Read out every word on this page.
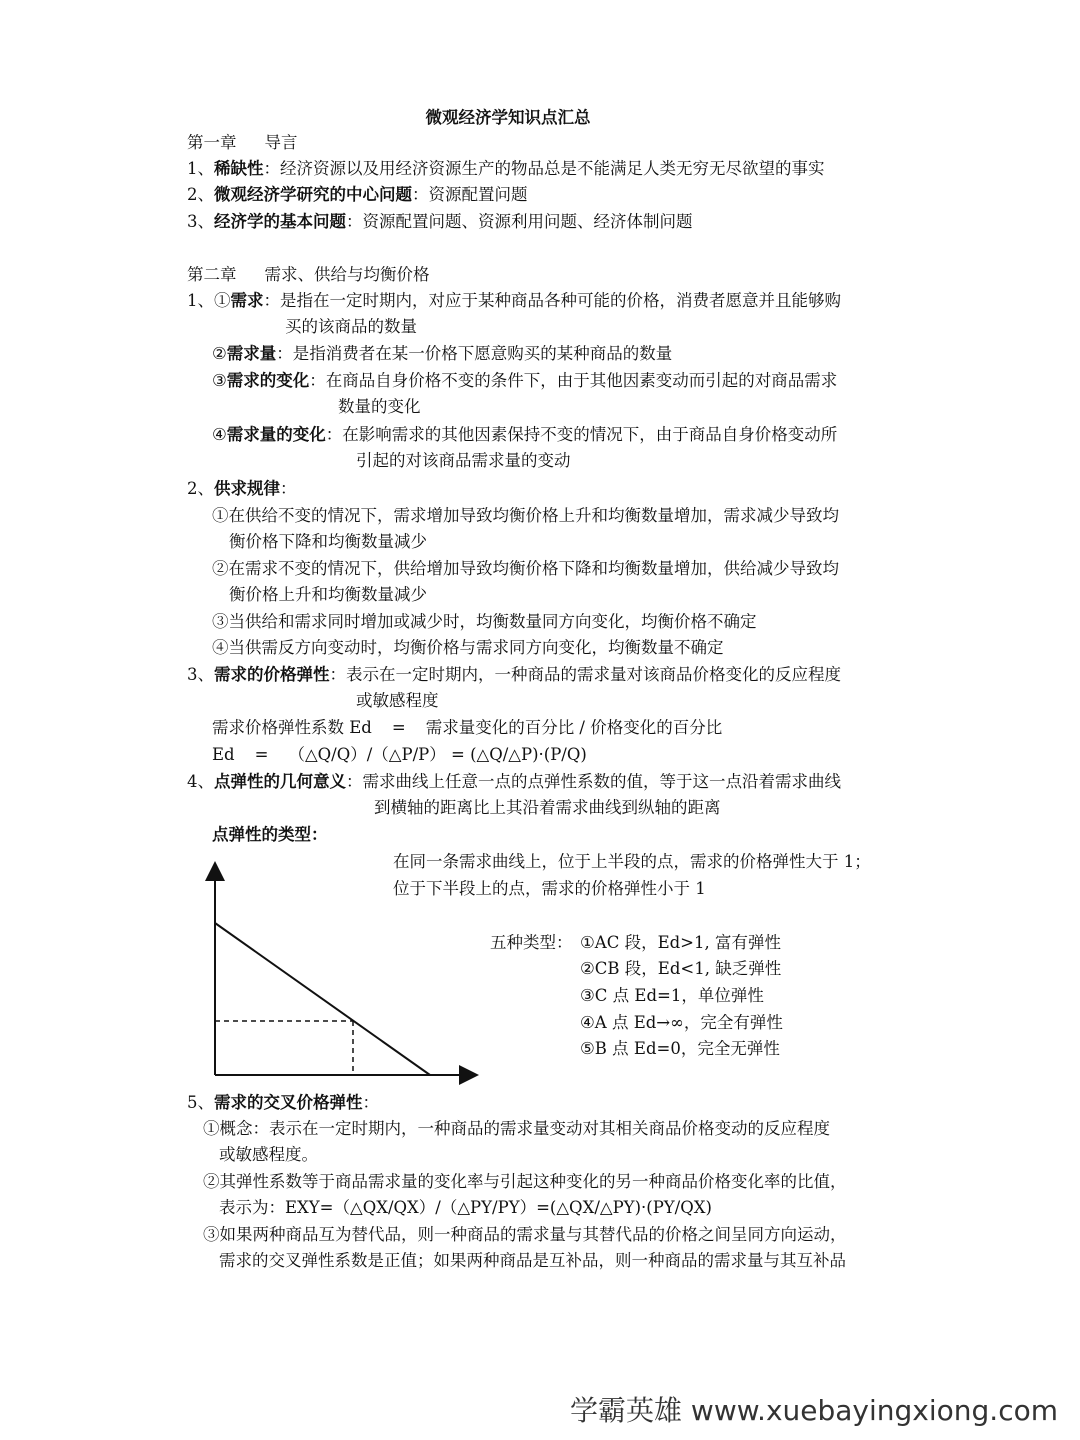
微观经济学知识点汇总
第一章 导言
1、稀缺性：经济资源以及用经济资源生产的物品总是不能满足人类无穷无尽欲望的事实
2、微观经济学研究的中心问题：资源配置问题
3、经济学的基本问题：资源配置问题、资源利用问题、经济体制问题
第二章 需求、供给与均衡价格
1、①需求：是指在一定时期内，对应于某种商品各种可能的价格，消费者愿意并且能够购
买的该商品的数量
②需求量：是指消费者在某一价格下愿意购买的某种商品的数量
③需求的变化：在商品自身价格不变的条件下，由于其他因素变动而引起的对商品需求
数量的变化
④需求量的变化：在影响需求的其他因素保持不变的情况下，由于商品自身价格变动所
引起的对该商品需求量的变动
2、供求规律：
①在供给不变的情况下，需求增加导致均衡价格上升和均衡数量增加，需求减少导致均
衡价格下降和均衡数量减少
②在需求不变的情况下，供给增加导致均衡价格下降和均衡数量增加，供给减少导致均
衡价格上升和均衡数量减少
③当供给和需求同时增加或减少时，均衡数量同方向变化，均衡价格不确定
④当供需反方向变动时，均衡价格与需求同方向变化，均衡数量不确定
3、需求的价格弹性：表示在一定时期内，一种商品的需求量对该商品价格变化的反应程度
或敏感程度
需求价格弹性系数 Ed = 需求量变化的百分比 / 价格变化的百分比
Ed = （△Q/Q）/（△P/P） = (△Q/△P)·(P/Q)
4、点弹性的几何意义：需求曲线上任意一点的点弹性系数的值，等于这一点沿着需求曲线
到横轴的距离比上其沿着需求曲线到纵轴的距离
点弹性的类型：
在同一条需求曲线上，位于上半段的点，需求的价格弹性大于 1；
位于下半段上的点，需求的价格弹性小于 1
五种类型： ①AC 段，Ed>1, 富有弹性
②CB 段，Ed<1, 缺乏弹性
③C 点 Ed=1，单位弹性
④A 点 Ed→∞，完全有弹性
⑤B 点 Ed=0，完全无弹性
5、需求的交叉价格弹性：
①概念：表示在一定时期内，一种商品的需求量变动对其相关商品价格变动的反应程度
或敏感程度。
②其弹性系数等于商品需求量的变化率与引起这种变化的另一种商品价格变化率的比值，
表示为：EXY=（△QX/QX）/（△PY/PY）=(△QX/△PY)·(PY/QX)
③如果两种商品互为替代品，则一种商品的需求量与其替代品的价格之间呈同方向运动，
需求的交叉弹性系数是正值；如果两种商品是互补品，则一种商品的需求量与其互补品
学霸英雄 www.xuebayingxiong.com
